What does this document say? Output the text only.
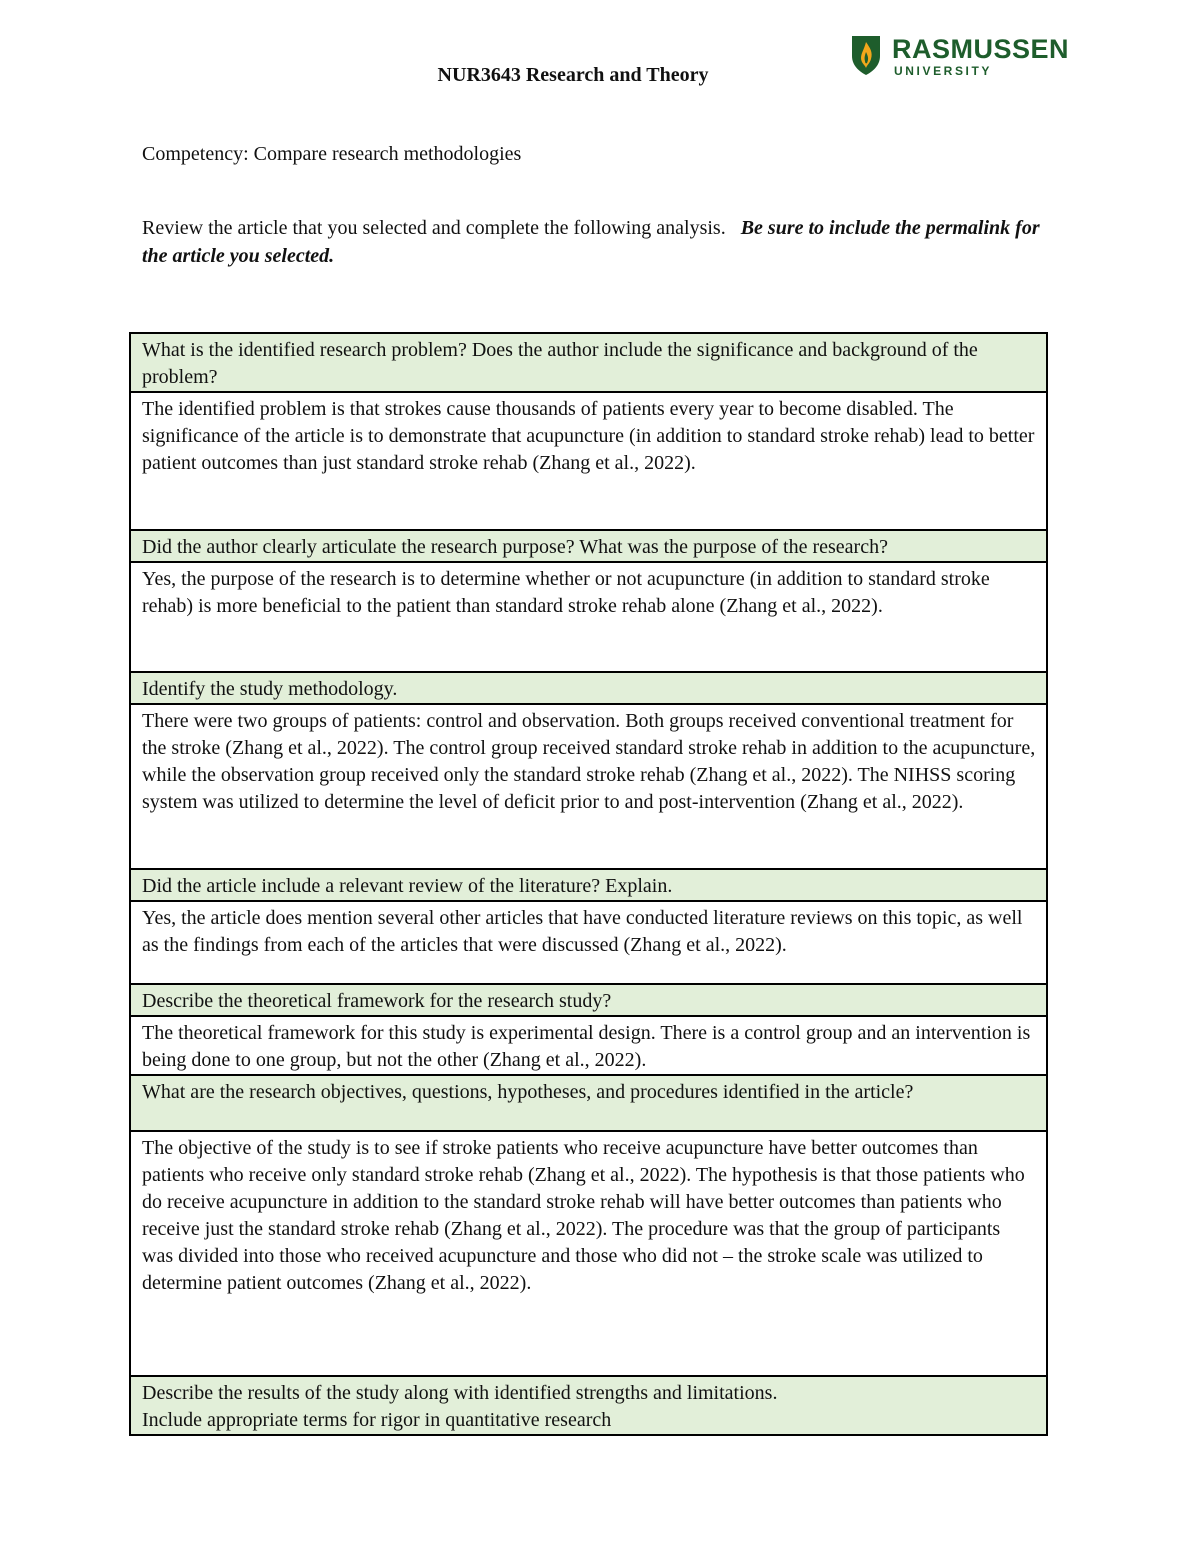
RASMUSSEN
UNIVERSITY
NUR3643 Research and Theory
Competency: Compare research methodologies
Review the article that you selected and complete the following analysis. Be sure to include the permalink for the article you selected.
What is the identified research problem? Does the author include the significance and background of the problem?
The identified problem is that strokes cause thousands of patients every year to become disabled. The significance of the article is to demonstrate that acupuncture (in addition to standard stroke rehab) lead to better patient outcomes than just standard stroke rehab (Zhang et al., 2022).
Did the author clearly articulate the research purpose? What was the purpose of the research?
Yes, the purpose of the research is to determine whether or not acupuncture (in addition to standard stroke rehab) is more beneficial to the patient than standard stroke rehab alone (Zhang et al., 2022).
Identify the study methodology.
There were two groups of patients: control and observation. Both groups received conventional treatment for the stroke (Zhang et al., 2022). The control group received standard stroke rehab in addition to the acupuncture, while the observation group received only the standard stroke rehab (Zhang et al., 2022). The NIHSS scoring system was utilized to determine the level of deficit prior to and post-intervention (Zhang et al., 2022).
Did the article include a relevant review of the literature? Explain.
Yes, the article does mention several other articles that have conducted literature reviews on this topic, as well as the findings from each of the articles that were discussed (Zhang et al., 2022).
Describe the theoretical framework for the research study?
The theoretical framework for this study is experimental design. There is a control group and an intervention is being done to one group, but not the other (Zhang et al., 2022).
What are the research objectives, questions, hypotheses, and procedures identified in the article?
The objective of the study is to see if stroke patients who receive acupuncture have better outcomes than patients who receive only standard stroke rehab (Zhang et al., 2022). The hypothesis is that those patients who do receive acupuncture in addition to the standard stroke rehab will have better outcomes than patients who receive just the standard stroke rehab (Zhang et al., 2022). The procedure was that the group of participants was divided into those who received acupuncture and those who did not – the stroke scale was utilized to determine patient outcomes (Zhang et al., 2022).

Describe the results of the study along with identified strengths and limitations.
Include appropriate terms for rigor in quantitative research
